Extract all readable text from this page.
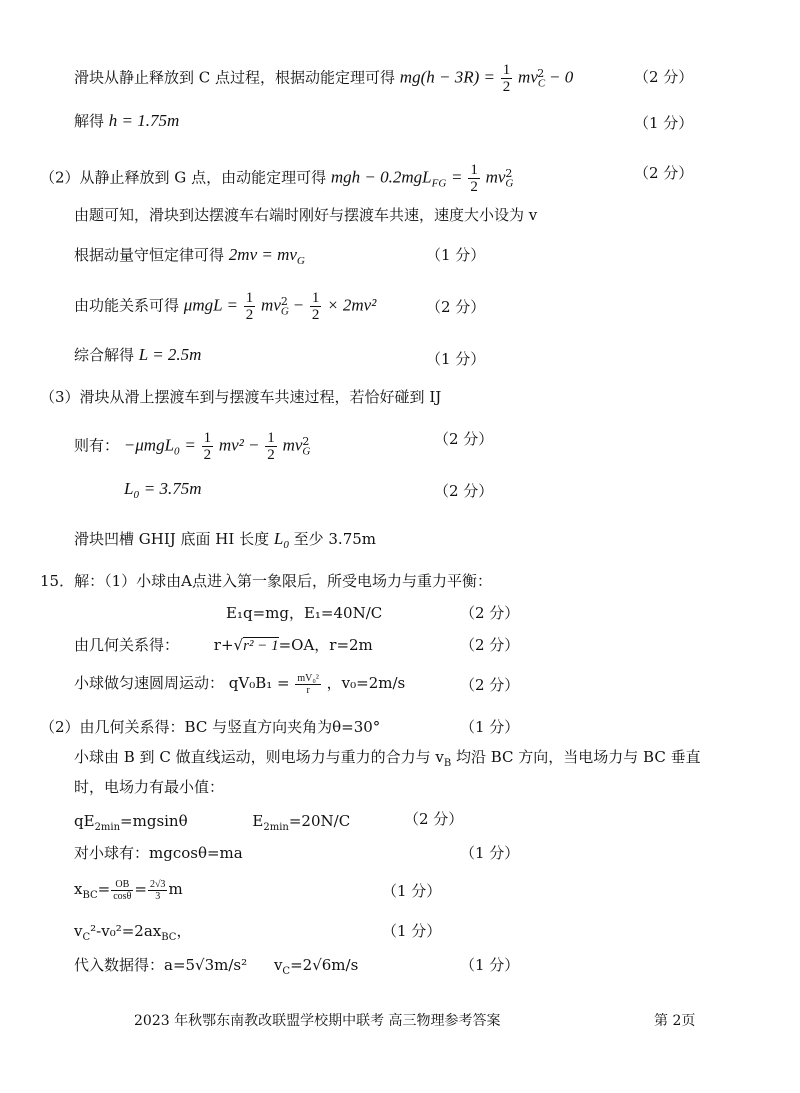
滑块从静止释放到 C 点过程，根据动能定理可得 $mg(h - 3R) = \frac{1}{2} mv_C^2 - 0$	（2 分）
解得 h = 1.75m	（1 分）
（2）从静止释放到 G 点，由动能定理可得 mgh − $0.2mgL_{FG} = \frac{1}{2} mv_G^2$	（2 分）
由题可知，滑块到达摆渡车右端时刚好与摆渡车共速，速度大小设为 v
根据动量守恒定律可得 $2mv = mv_G$	（1 分）
由功能关系可得 $\mu mgL = \frac{1}{2} mv_G^2 - \frac{1}{2} \times 2mv^2$	（2 分）
综合解得 L = 2.5m	（1 分）
（3）滑块从滑上摆渡车到与摆渡车共速过程，若恰好碰到 IJ
则有： $-\mu mgL_0 = \frac{1}{2} mv^2 - \frac{1}{2} mv_G^2$	（2 分）
$L_0 = 3.75m$	（2 分）
滑块凹槽 GHIJ 底面 HI 长度 $L_0$ 至少 3.75m
15．解：（1）小球由A点进入第一象限后，所受电场力与重力平衡：
E₁q=mg，E₁=40N/C	（2 分）
由几何关系得： r+√r² − 1=OA，r=2m	（2 分）
小球做匀速圆周运动： $qV_0B_1 = \frac{\text{mV₀²}}{r}$ ，v₀=2m/s	（2 分）
（2）由几何关系得：BC 与竖直方向夹角为θ=30°	（1 分）
小球由 B 到 C 做直线运动，则电场力与重力的合力与 $v_B$ 均沿 BC 方向，当电场力与 BC 垂直
时，电场力有最小值：
$qE_{2min}=mgsin\theta$	$E_{2min}=20N/C$	（2 分）
对小球有：mgcosθ=ma	（1 分）
$x_{BC}= \frac{OB}{\cos\theta} = \frac{2√3}{3}$ m	（1 分）
$v_C^2-v_0^2=2ax_{BC}$，	（1 分）
代入数据得：a=5√3m/s² $v_C=2√6m/s$	（1 分）
2023 年秋鄂东南教改联盟学校期中联考 高三物理参考答案	第 2页
